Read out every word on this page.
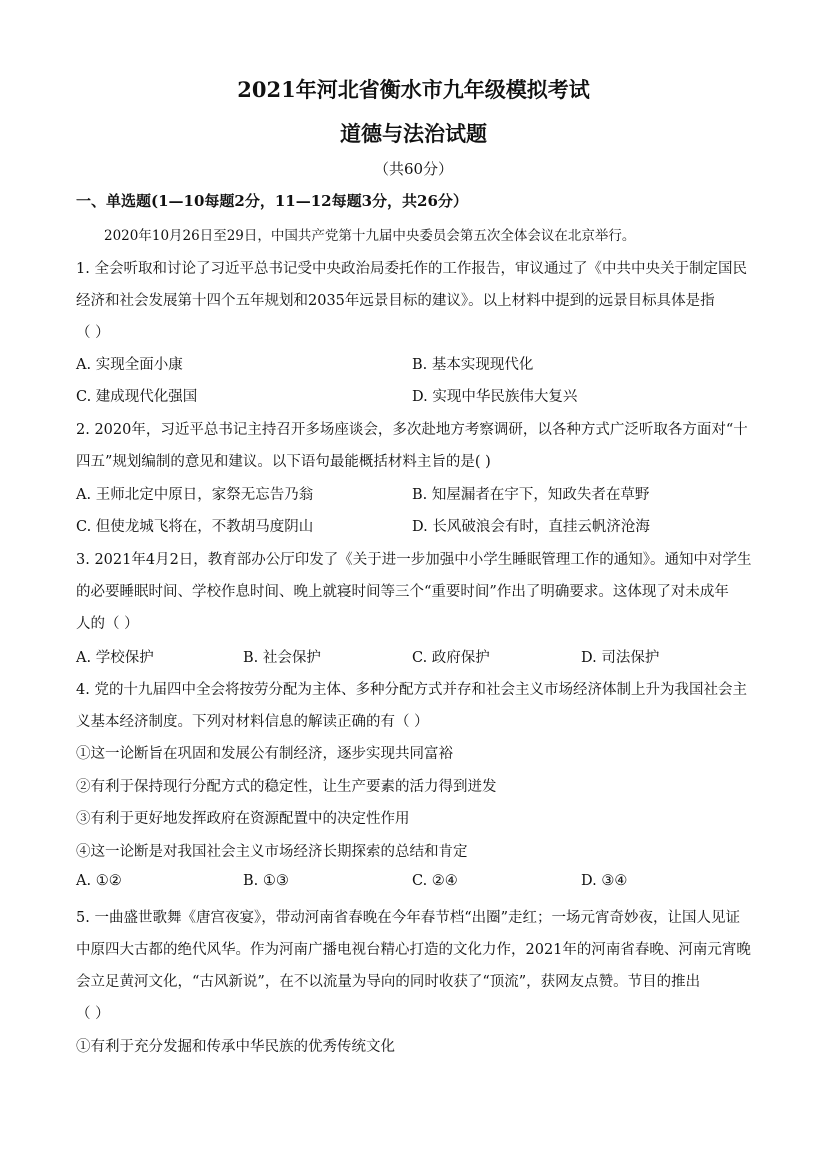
2021年河北省衡水市九年级模拟考试
道德与法治试题
（共60分）
一、单选题(1—10每题2分，11—12每题3分，共26分）
2020年10月26日至29日，中国共产党第十九届中央委员会第五次全体会议在北京举行。
1. 全会听取和讨论了习近平总书记受中央政治局委托作的工作报告，审议通过了《中共中央关于制定国民
经济和社会发展第十四个五年规划和2035年远景目标的建议》。以上材料中提到的远景目标具体是指
（ ）
A. 实现全面小康	B. 基本实现现代化
C. 建成现代化强国	D. 实现中华民族伟大复兴
2. 2020年，习近平总书记主持召开多场座谈会，多次赴地方考察调研，以各种方式广泛听取各方面对“十
四五”规划编制的意见和建议。以下语句最能概括材料主旨的是( )
A. 王师北定中原日，家祭无忘告乃翁	B. 知屋漏者在宇下，知政失者在草野
C. 但使龙城飞将在，不教胡马度阴山	D. 长风破浪会有时，直挂云帆济沧海
3. 2021年4月2日，教育部办公厅印发了《关于进一步加强中小学生睡眠管理工作的通知》。通知中对学生
的必要睡眠时间、学校作息时间、晚上就寝时间等三个“重要时间”作出了明确要求。这体现了对未成年
人的（ ）
A. 学校保护	B. 社会保护	C. 政府保护	D. 司法保护
4. 党的十九届四中全会将按劳分配为主体、多种分配方式并存和社会主义市场经济体制上升为我国社会主
义基本经济制度。下列对材料信息的解读正确的有（ ）
①这一论断旨在巩固和发展公有制经济，逐步实现共同富裕
②有利于保持现行分配方式的稳定性，让生产要素的活力得到迸发
③有利于更好地发挥政府在资源配置中的决定性作用
④这一论断是对我国社会主义市场经济长期探索的总结和肯定
A. ①②	B. ①③	C. ②④	D. ③④
5. 一曲盛世歌舞《唐宫夜宴》，带动河南省春晚在今年春节档“出圈”走红；一场元宵奇妙夜，让国人见证
中原四大古都的绝代风华。作为河南广播电视台精心打造的文化力作，2021年的河南省春晚、河南元宵晚
会立足黄河文化，“古风新说”，在不以流量为导向的同时收获了“顶流”，获网友点赞。节目的推出
（ ）
①有利于充分发掘和传承中华民族的优秀传统文化
